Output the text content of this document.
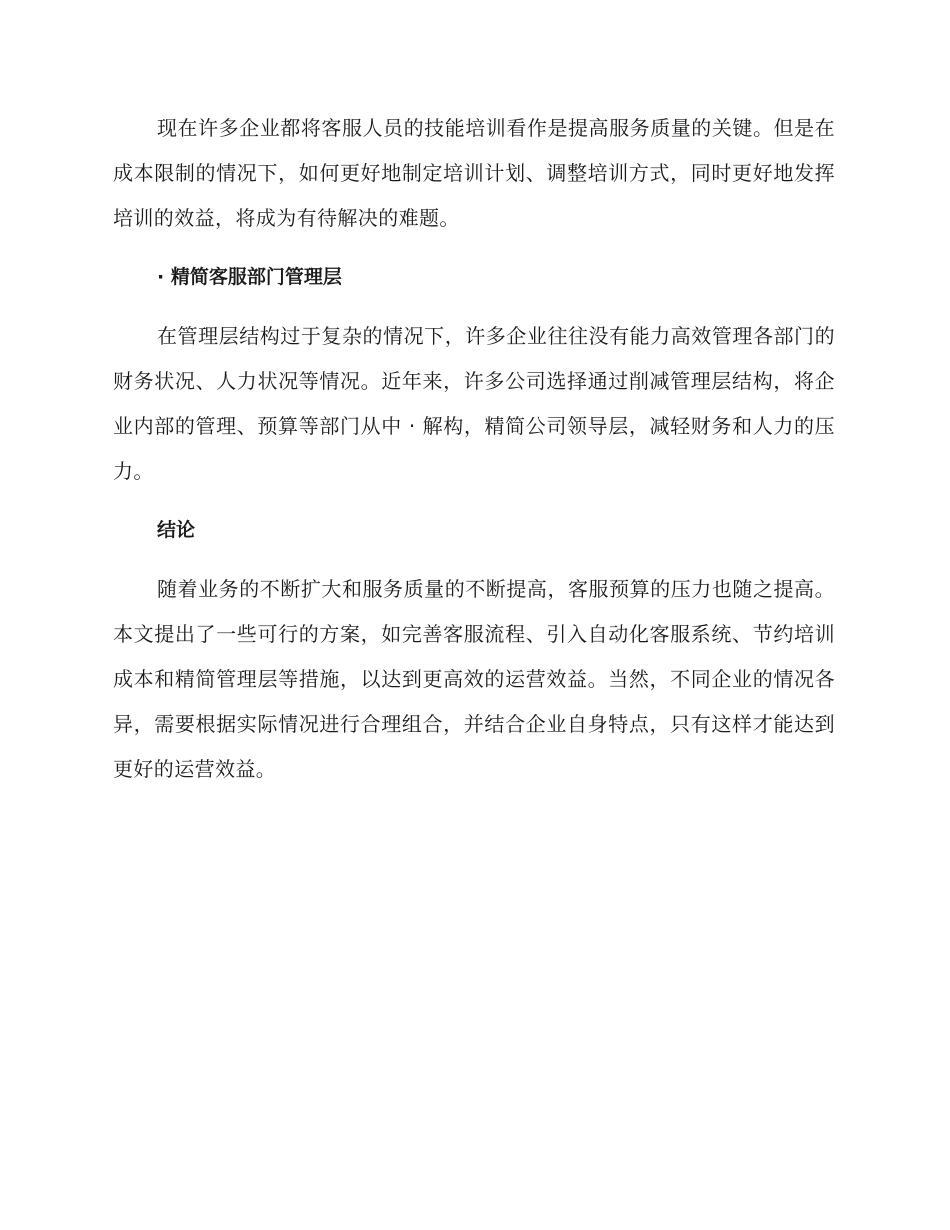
现在许多企业都将客服人员的技能培训看作是提高服务质量的关键。但是在成本限制的情况下，如何更好地制定培训计划、调整培训方式，同时更好地发挥培训的效益，将成为有待解决的难题。

· 精简客服部门管理层

在管理层结构过于复杂的情况下，许多企业往往没有能力高效管理各部门的财务状况、人力状况等情况。近年来，许多公司选择通过削减管理层结构，将企业内部的管理、预算等部门从中 · 解构，精简公司领导层，减轻财务和人力的压力。

结论

随着业务的不断扩大和服务质量的不断提高，客服预算的压力也随之提高。本文提出了一些可行的方案，如完善客服流程、引入自动化客服系统、节约培训成本和精简管理层等措施，以达到更高效的运营效益。当然，不同企业的情况各异，需要根据实际情况进行合理组合，并结合企业自身特点，只有这样才能达到更好的运营效益。
